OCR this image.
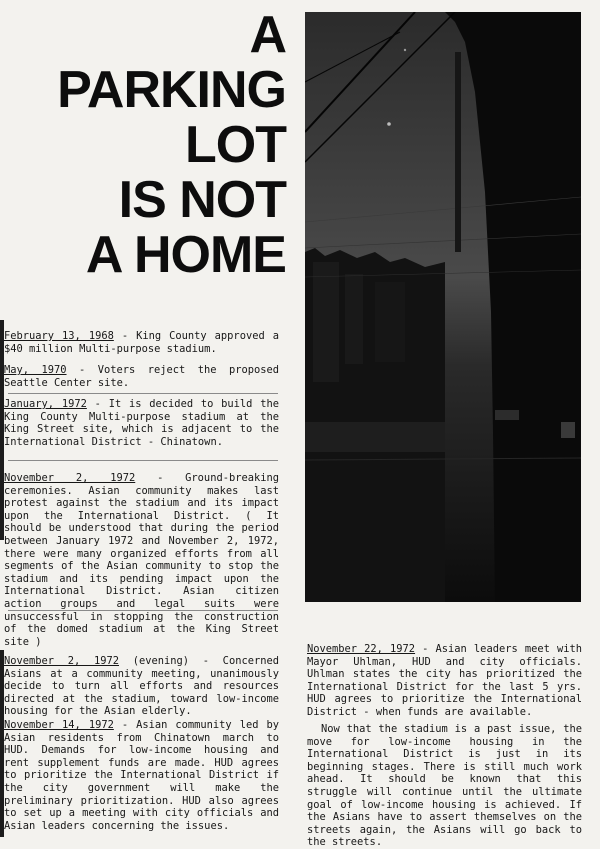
A
PARKING
LOT
IS NOT
A HOME

February 13, 1968 - King County approved a $40 million Multi-purpose stadium.

May, 1970 - Voters reject the proposed Seattle Center site.

January, 1972 - It is decided to build the King County Multi-purpose stadium at the King Street site, which is adjacent to the International District - Chinatown.

November 2, 1972 - Ground-breaking ceremonies. Asian community makes last protest against the stadium and its impact upon the International District. ( It should be understood that during the period between January 1972 and November 2, 1972, there were many organized efforts from all segments of the Asian community to stop the stadium and its pending impact upon the International District. Asian citizen action groups and legal suits were unsuccessful in stopping the construction of the domed stadium at the King Street site )

November 2, 1972 (evening) - Concerned Asians at a community meeting, unanimously decide to turn all efforts and resources directed at the stadium, toward low-income housing for the Asian elderly.

November 14, 1972 - Asian community led by Asian residents from Chinatown march to HUD. Demands for low-income housing and rent supplement funds are made. HUD agrees to prioritize the International District if the city government will make the preliminary prioritization. HUD also agrees to set up a meeting with city officials and Asian leaders concerning the issues.

November 22, 1972 - Asian leaders meet with Mayor Uhlman, HUD and city officials. Uhlman states the city has prioritized the International District for the last 5 yrs. HUD agrees to prioritize the International District - when funds are available.

Now that the stadium is a past issue, the move for low-income housing in the International District is just in its beginning stages. There is still much work ahead. It should be known that this struggle will continue until the ultimate goal of low-income housing is achieved. If the Asians have to assert themselves on the streets again, the Asians will go back to the streets.
